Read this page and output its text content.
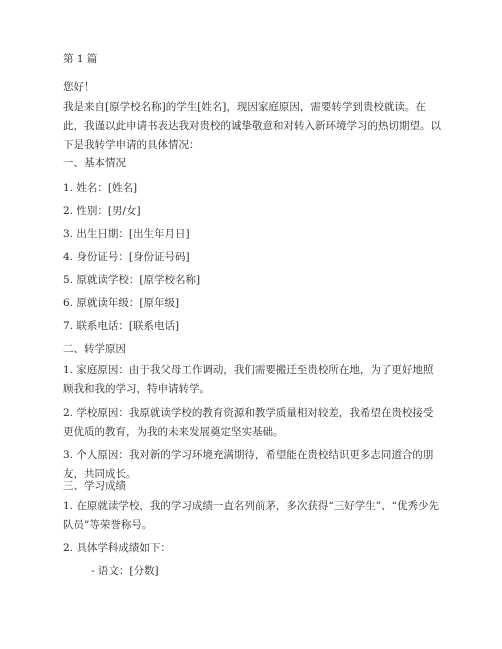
第 1 篇
您好！
我是来自[原学校名称]的学生[姓名]，现因家庭原因，需要转学到贵校就读。在此，我谨以此申请书表达我对贵校的诚挚敬意和对转入新环境学习的热切期望。以下是我转学申请的具体情况：
一、基本情况
1. 姓名：[姓名]
2. 性别：[男/女]
3. 出生日期：[出生年月日]
4. 身份证号：[身份证号码]
5. 原就读学校：[原学校名称]
6. 原就读年级：[原年级]
7. 联系电话：[联系电话]
二、转学原因
1. 家庭原因：由于我父母工作调动，我们需要搬迁至贵校所在地，为了更好地照顾我和我的学习，特申请转学。
2. 学校原因：我原就读学校的教育资源和教学质量相对较差，我希望在贵校接受更优质的教育，为我的未来发展奠定坚实基础。
3. 个人原因：我对新的学习环境充满期待，希望能在贵校结识更多志同道合的朋友，共同成长。
三、学习成绩
1. 在原就读学校，我的学习成绩一直名列前茅，多次获得“三好学生”、“优秀少先队员”等荣誉称号。
2. 具体学科成绩如下：
- 语文：[分数]
